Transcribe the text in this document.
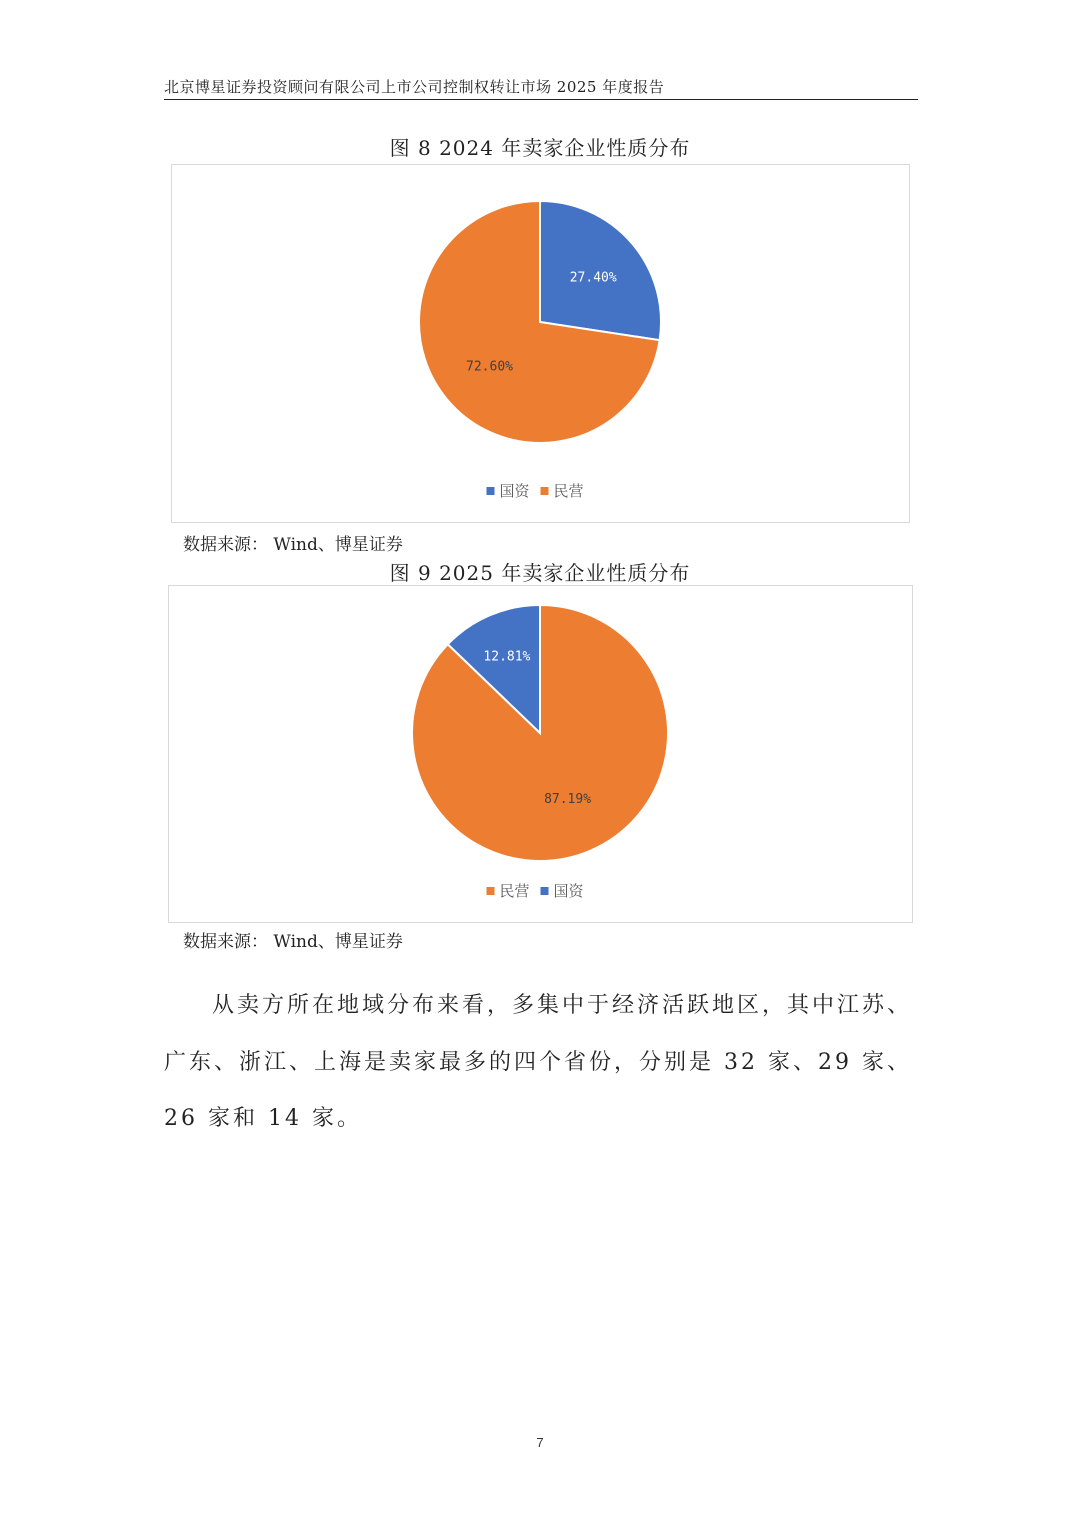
北京博星证券投资顾问有限公司上市公司控制权转让市场 2025 年度报告
图 8 2024 年卖家企业性质分布
27.40%
72.60%
国资 民营
数据来源： Wind、博星证券
图 9 2025 年卖家企业性质分布
87.19%
12.81%
民营 国资
数据来源： Wind、博星证券

从卖方所在地域分布来看，多集中于经济活跃地区，其中江苏、广东、浙江、上海是卖家最多的四个省份，分别是 32 家、29 家、26 家和 14 家。

7
